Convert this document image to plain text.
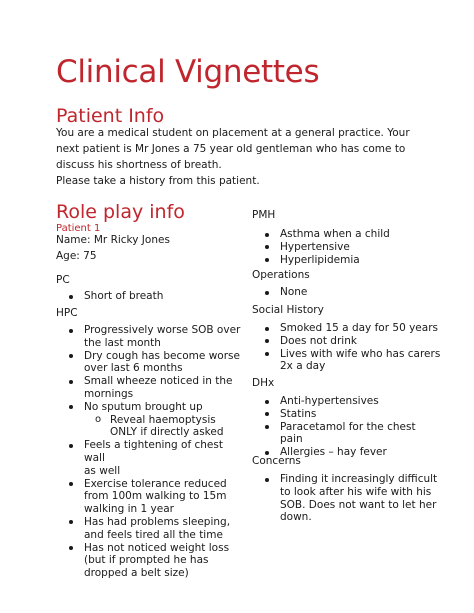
Clinical Vignettes
Patient Info

You are a medical student on placement at a general practice. Your next patient is Mr Jones a 75 year old gentleman who has come to discuss his shortness of breath.

Please take a history from this patient.

Role play info

Patient 1

Name: Mr Ricky Jones
Age: 75
PC
Short of breath
HPC
Progressively worse SOB over
the last month
Dry cough has become worse
over last 6 months
Small wheeze noticed in the
mornings
No sputum brought up
o Reveal haemoptysis
ONLY if directly asked
Feels a tightening of chest wall
as well
Exercise tolerance reduced
from 100m walking to 15m
walking in 1 year
Has had problems sleeping,
and feels tired all the time
Has not noticed weight loss
(but if prompted he has
dropped a belt size)
PMH
Asthma when a child
Hypertensive
Hyperlipidemia
Operations
None
Social History
Smoked 15 a day for 50 years
Does not drink
Lives with wife who has carers
2x a day
DHx
Anti-hypertensives
Statins
Paracetamol for the chest
pain
Allergies – hay fever
Concerns
Finding it increasingly difficult
to look after his wife with his
SOB. Does not want to let her
down.
